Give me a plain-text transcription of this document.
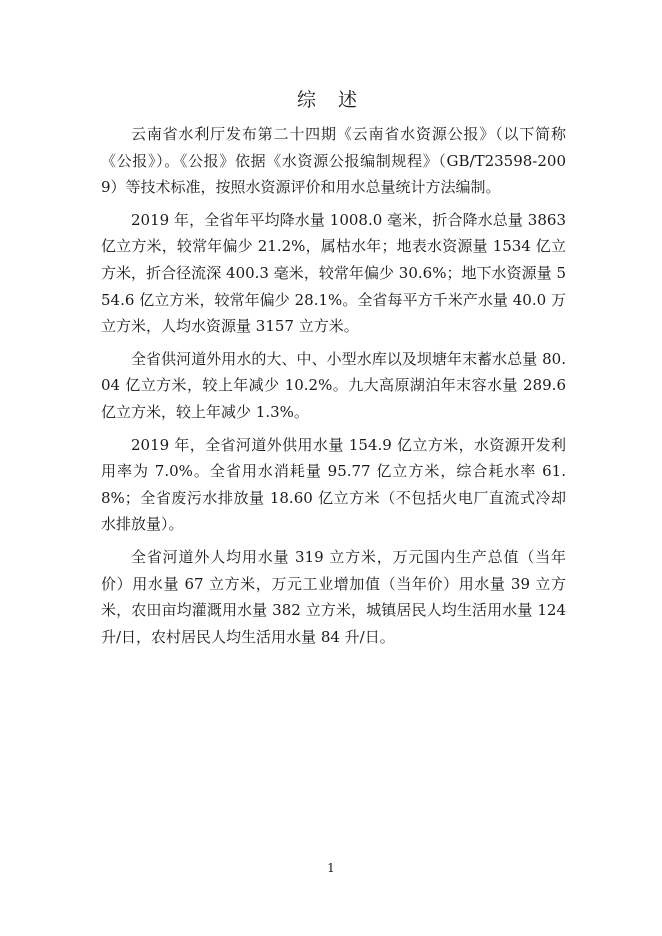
综 述

云南省水利厅发布第二十四期《云南省水资源公报》（以下简称《公报》）。《公报》依据《水资源公报编制规程》（GB/T23598-2009）等技术标准，按照水资源评价和用水总量统计方法编制。

2019 年，全省年平均降水量 1008.0 毫米，折合降水总量 3863 亿立方米，较常年偏少 21.2%，属枯水年；地表水资源量 1534 亿立方米，折合径流深 400.3 毫米，较常年偏少 30.6%；地下水资源量 554.6 亿立方米，较常年偏少 28.1%。全省每平方千米产水量 40.0 万立方米，人均水资源量 3157 立方米。

全省供河道外用水的大、中、小型水库以及坝塘年末蓄水总量 80.04 亿立方米，较上年减少 10.2%。九大高原湖泊年末容水量 289.6 亿立方米，较上年减少 1.3%。

2019 年，全省河道外供用水量 154.9 亿立方米，水资源开发利用率为 7.0%。全省用水消耗量 95.77 亿立方米，综合耗水率 61.8%；全省废污水排放量 18.60 亿立方米（不包括火电厂直流式冷却水排放量）。

全省河道外人均用水量 319 立方米，万元国内生产总值（当年价）用水量 67 立方米，万元工业增加值（当年价）用水量 39 立方米，农田亩均灌溉用水量 382 立方米，城镇居民人均生活用水量 124 升/日，农村居民人均生活用水量 84 升/日。

1
